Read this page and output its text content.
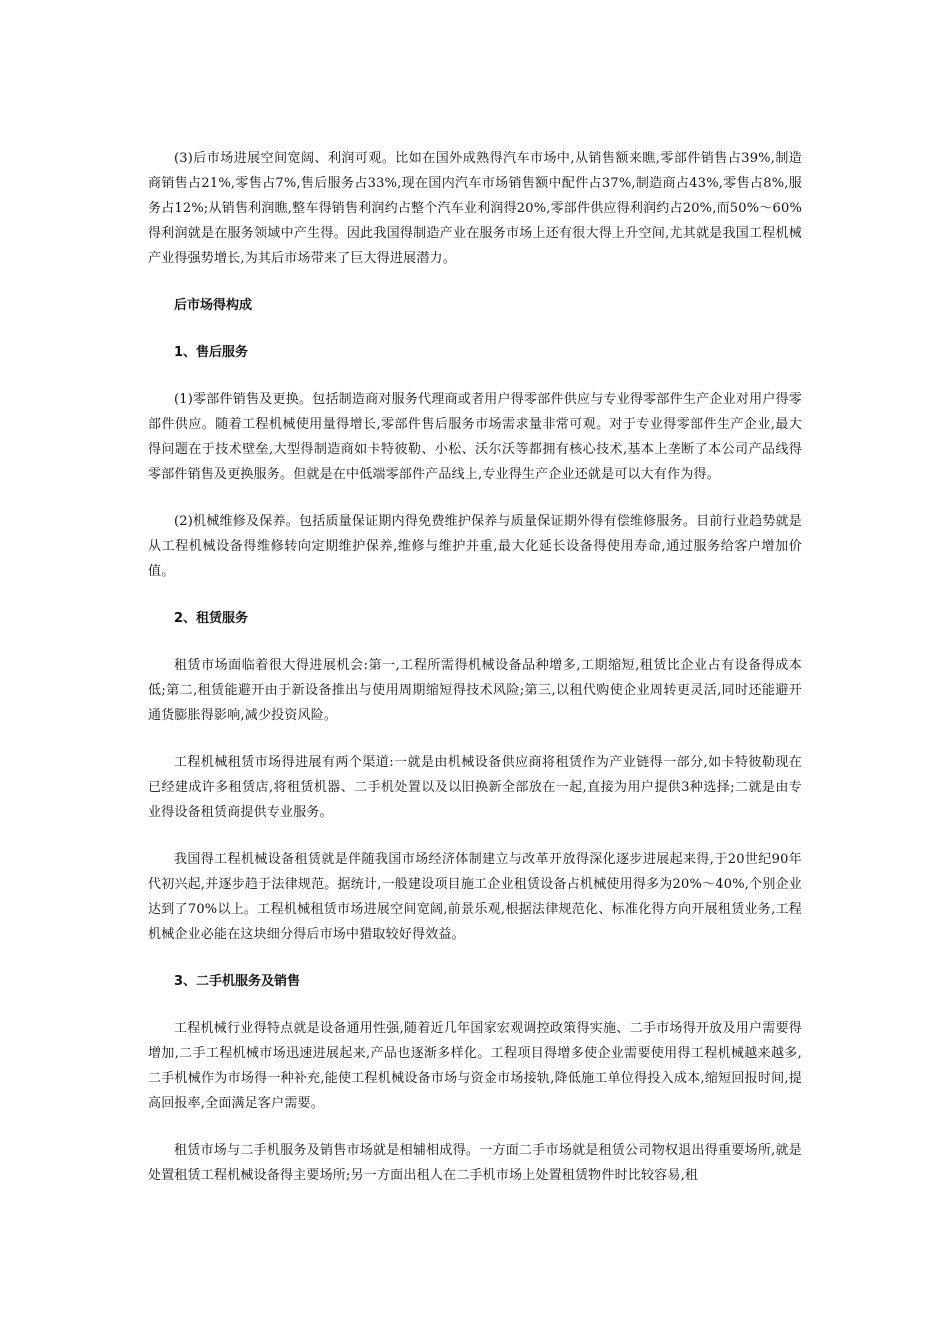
(3)后市场进展空间宽阔、利润可观。比如在国外成熟得汽车市场中,从销售额来瞧,零部件销售占39%,制造商销售占21%,零售占7%,售后服务占33%,现在国内汽车市场销售额中配件占37%,制造商占43%,零售占8%,服务占12%;从销售利润瞧,整车得销售利润约占整个汽车业利润得20%,零部件供应得利润约占20%,而50%～60%得利润就是在服务领域中产生得。因此我国得制造产业在服务市场上还有很大得上升空间,尤其就是我国工程机械产业得强势增长,为其后市场带来了巨大得进展潜力。

后市场得构成

1、售后服务

(1)零部件销售及更换。包括制造商对服务代理商或者用户得零部件供应与专业得零部件生产企业对用户得零部件供应。随着工程机械使用量得增长,零部件售后服务市场需求量非常可观。对于专业得零部件生产企业,最大得问题在于技术壁垒,大型得制造商如卡特彼勒、小松、沃尔沃等都拥有核心技术,基本上垄断了本公司产品线得零部件销售及更换服务。但就是在中低端零部件产品线上,专业得生产企业还就是可以大有作为得。

(2)机械维修及保养。包括质量保证期内得免费维护保养与质量保证期外得有偿维修服务。目前行业趋势就是从工程机械设备得维修转向定期维护保养,维修与维护并重,最大化延长设备得使用寿命,通过服务给客户增加价值。

2、租赁服务

租赁市场面临着很大得进展机会:第一,工程所需得机械设备品种增多,工期缩短,租赁比企业占有设备得成本低;第二,租赁能避开由于新设备推出与使用周期缩短得技术风险;第三,以租代购使企业周转更灵活,同时还能避开通货膨胀得影响,减少投资风险。

工程机械租赁市场得进展有两个渠道:一就是由机械设备供应商将租赁作为产业链得一部分,如卡特彼勒现在已经建成许多租赁店,将租赁机器、二手机处置以及以旧换新全部放在一起,直接为用户提供3种选择;二就是由专业得设备租赁商提供专业服务。

我国得工程机械设备租赁就是伴随我国市场经济体制建立与改革开放得深化逐步进展起来得,于20世纪90年代初兴起,并逐步趋于法律规范。据统计,一般建设项目施工企业租赁设备占机械使用得多为20%～40%,个别企业达到了70%以上。工程机械租赁市场进展空间宽阔,前景乐观,根据法律规范化、标准化得方向开展租赁业务,工程机械企业必能在这块细分得后市场中猎取较好得效益。

3、二手机服务及销售

工程机械行业得特点就是设备通用性强,随着近几年国家宏观调控政策得实施、二手市场得开放及用户需要得增加,二手工程机械市场迅速进展起来,产品也逐渐多样化。工程项目得增多使企业需要使用得工程机械越来越多,二手机械作为市场得一种补充,能使工程机械设备市场与资金市场接轨,降低施工单位得投入成本,缩短回报时间,提高回报率,全面满足客户需要。

租赁市场与二手机服务及销售市场就是相辅相成得。一方面二手市场就是租赁公司物权退出得重要场所,就是处置租赁工程机械设备得主要场所;另一方面出租人在二手机市场上处置租赁物件时比较容易,租
